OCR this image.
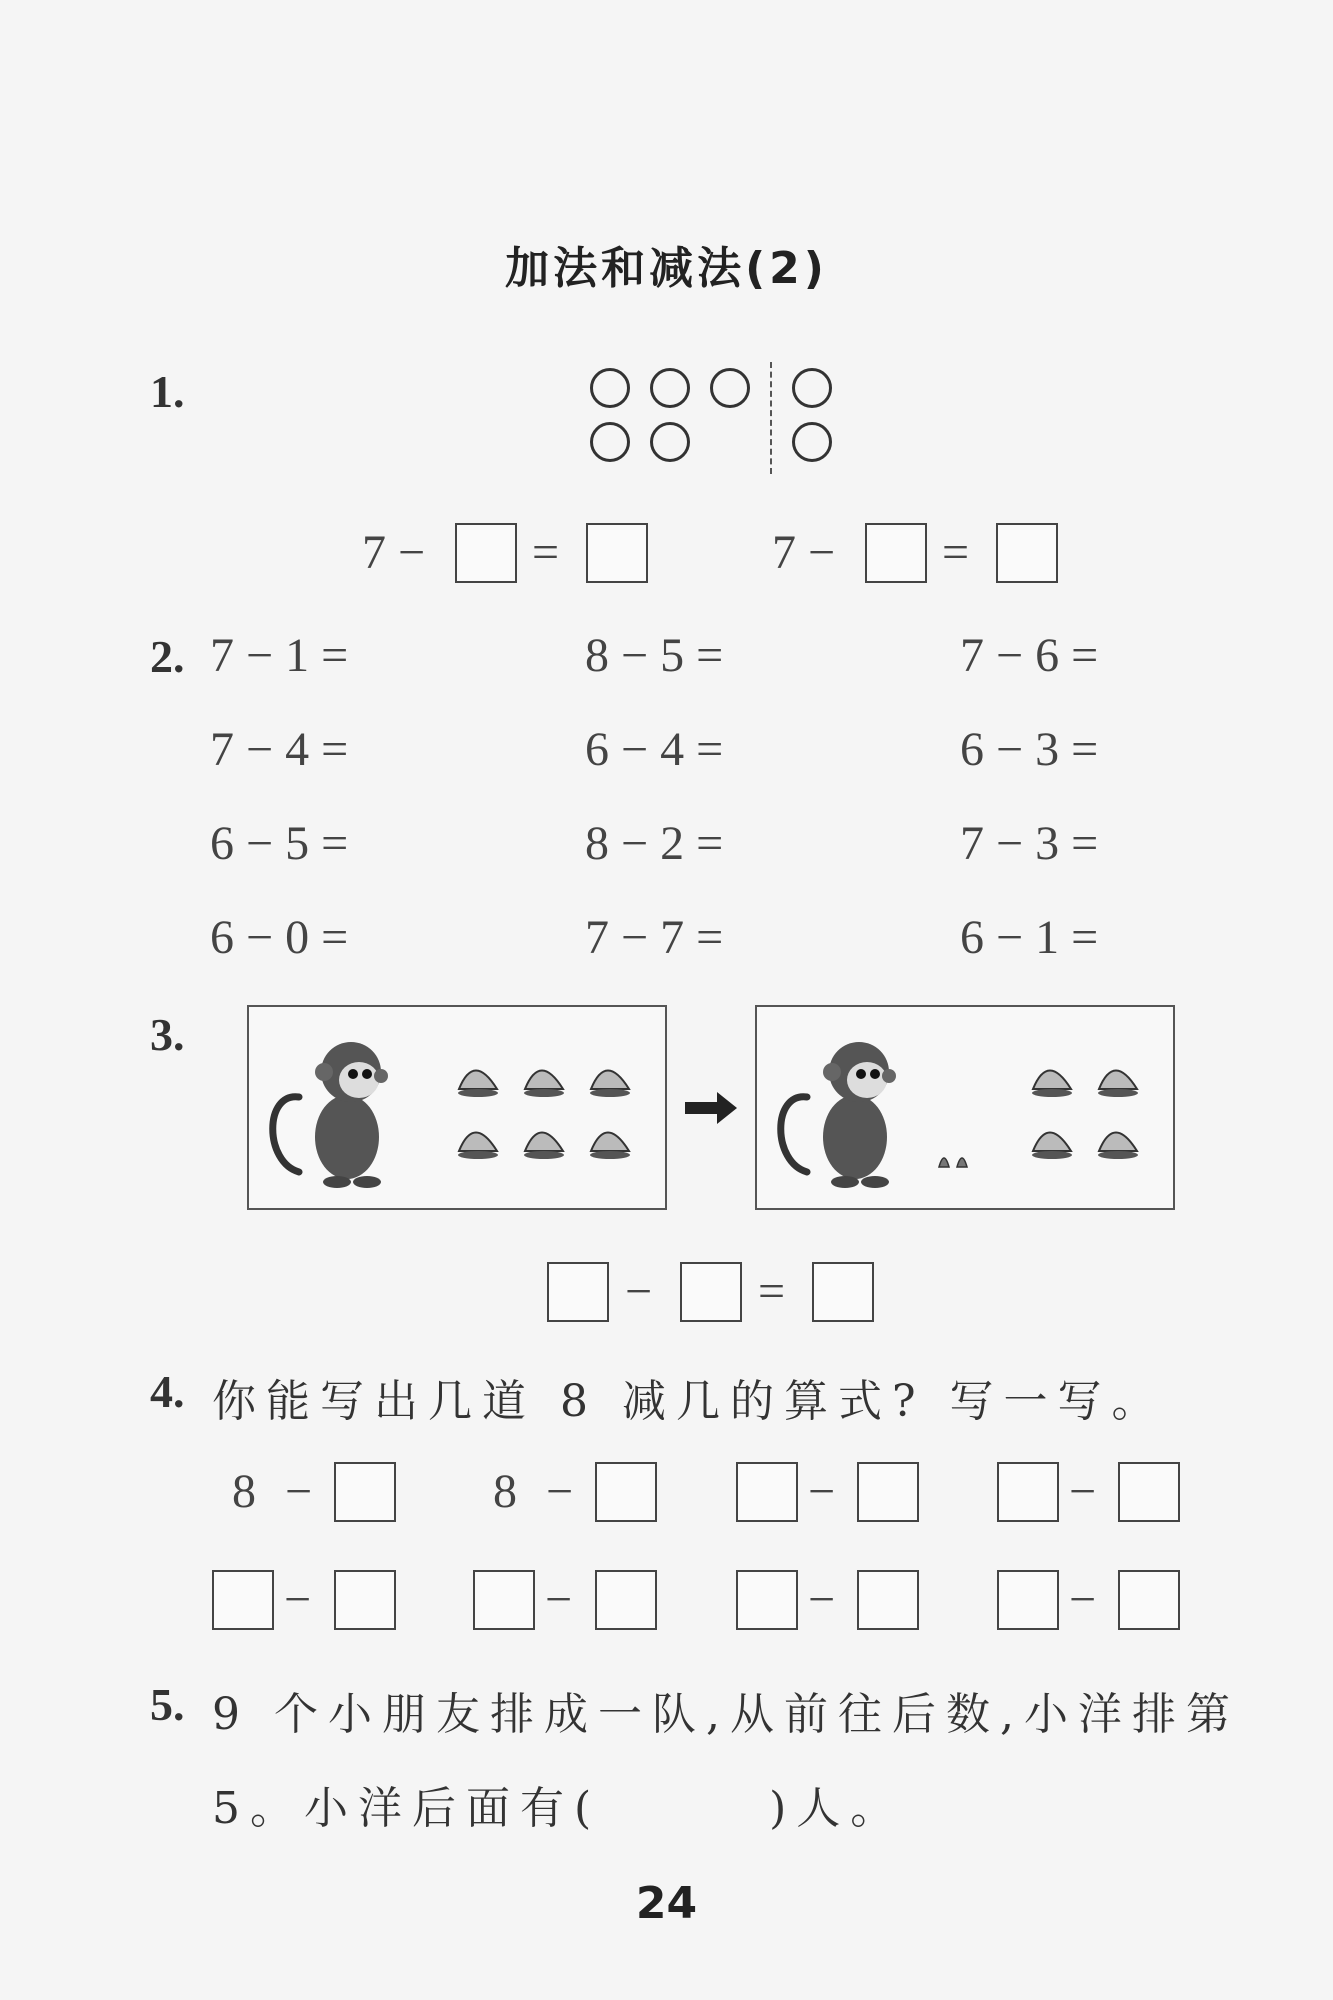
加法和减法(2)
1.
7 − =	7 − =
2. 7 − 1 =	8 − 5 =	7 − 6 =
7 − 4 =	6 − 4 =	6 − 3 =
6 − 5 =	8 − 2 =	7 − 3 =
6 − 0 =	7 − 7 =	6 − 1 =
3.
− =
4. 你能写出几道 8 减几的算式? 写一写。
8 −	8 −	−	−
−	−	−	−
5. 9 个小朋友排成一队,从前往后数,小洋排第
5。小洋后面有(       )人。
24
